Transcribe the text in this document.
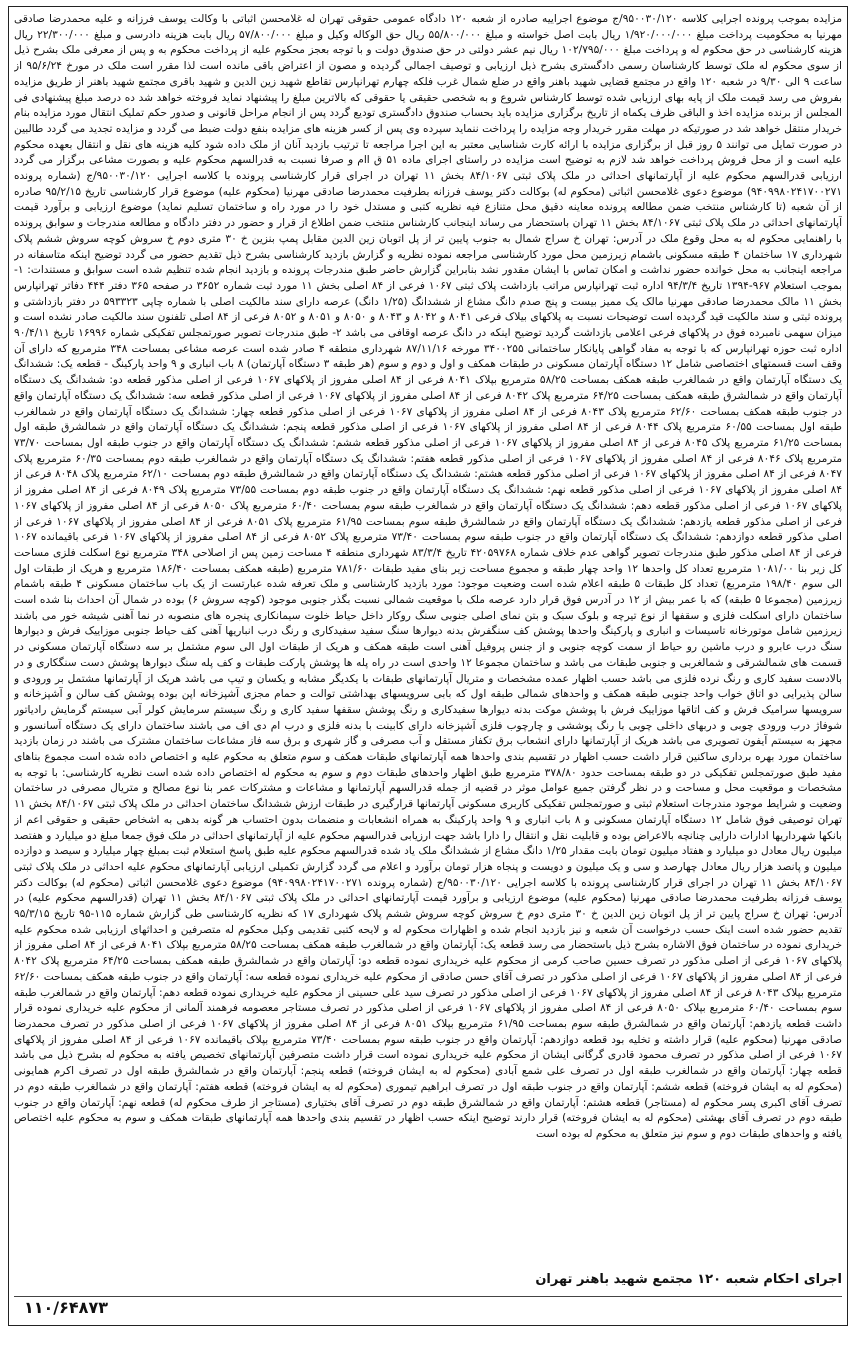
مزایده بموجب پرونده اجرایی کلاسه ۹۵۰۰۳۰/۱۲۰/ج موضوع اجراییه صادره از شعبه ۱۲۰ دادگاه عمومی حقوقی تهران له غلامحسن اثباتی با وکالت یوسف فرزانه و علیه محمدرضا صادقی مهرنیا به محکومیت پرداخت مبلغ ۱/۹۲۰/۰۰۰/۰۰۰ ریال بابت اصل خواسته و مبلغ ۵۵/۸۰۰/۰۰۰ ریال حق الوکاله وکیل و مبلغ ۵۷/۸۰۰/۰۰۰ ریال بابت هزینه دادرسی و مبلغ ۲۲/۳۰۰/۰۰۰ ریال هزینه کارشناسی در حق محکوم له و پرداخت مبلغ ۱۰۲/۷۹۵/۰۰۰ ریال نیم عشر دولتی در حق صندوق دولت و با توجه بعجز محکوم علیه از پرداخت محکوم به و پس از معرفی ملک بشرح ذیل از سوی محکوم له ملک توسط کارشناسان رسمی دادگستری بشرح ذیل ارزیابی و توصیف اجمالی گردیده و مصون از اعتراض باقی مانده است لذا مقرر است ملک در مورخ ۹۵/۶/۲۴ از ساعت ۹ الی ۹/۳۰ در شعبه ۱۲۰ واقع در مجتمع قضایی شهید باهنر واقع در ضلع شمال غرب فلکه چهارم تهرانپارس تقاطع شهید زین الدین و شهید باقری مجتمع شهید باهنر از طریق مزایده بفروش می رسد قیمت ملک از پایه بهای ارزیابی شده توسط کارشناس شروع و به شخصی حقیقی یا حقوقی که بالاترین مبلغ را پیشنهاد نماید فروخته خواهد شد ده درصد مبلغ پیشنهادی فی المجلس از برنده مزایده اخذ و الباقی ظرف یکماه از تاریخ برگزاری مزایده باید بحساب صندوق دادگستری تودیع گردد پس از انجام مراحل قانونی و صدور حکم تملیک انتقال مورد مزایده بنام خریدار منتقل خواهد شد در صورتیکه در مهلت مقرر خریدار وجه مزایده را پرداخت ننماید سپرده وی پس از کسر هزینه های مزایده بنفع دولت ضبط می گردد و مزایده تجدید می گردد طالبین در صورت تمایل می توانند ۵ روز قبل از برگزاری مزایده با ارائه کارت شناسایی معتبر به این اجرا مراجعه تا ترتیب بازدید آنان از ملک داده شود کلیه هزینه های نقل و انتقال بعهده محکوم علیه است و از محل فروش پرداخت خواهد شد لازم به توضیح است مزایده در راستای اجرای ماده ۵۱ ق اام و صرفا نسبت به قدرالسهم محکوم علیه و بصورت مشاعی برگزار می گردد ارزیابی قدرالسهم محکوم علیه از آپارتمانهای احداثی در ملک پلاک ثبتی ۸۴/۱۰۶۷ بخش ۱۱ تهران در اجرای قرار کارشناسی پرونده با کلاسه اجرایی ۹۵۰۰۳۰/۱۲۰/ج (شماره پرونده ۹۴۰۹۹۸۰۲۴۱۷۰۰۲۷۱) موضوع دعوی غلامحسن اثباتی (محکوم له) بوکالت دکتر یوسف فرزانه بطرفیت محمدرضا صادقی مهرنیا (محکوم علیه) موضوع قرار کارشناسی تاریخ ۹۵/۲/۱۵ صادره از آن شعبه (تا کارشناس منتخب ضمن مطالعه پرونده معاینه دقیق محل متنازع فیه نظریه کتبی و مستدل خود را در مورد راه و ساختمان تسلیم نماید) موضوع ارزیابی و برآورد قیمت آپارتمانهای احداثی در ملک پلاک ثبتی ۸۴/۱۰۶۷ بخش ۱۱ تهران باستحضار می رساند اینجانب کارشناس منتخب ضمن اطلاع از قرار و حضور در دفتر دادگاه و مطالعه مندرجات و سوابق پرونده با راهنمایی محکوم له به محل وقوع ملک در آدرس: تهران خ سراج شمال به جنوب پایین تر از پل اتوبان زین الدین مقابل پمپ بنزین خ ۳۰ متری دوم خ سروش کوچه سروش ششم پلاک شهرداری ۱۷ ساختمان ۴ طبقه مسکونی باشمام زیرزمین محل مورد کارشناسی مراجعه نموده نظریه و گزارش بازدید کارشناسی بشرح ذیل تقدیم حضور می گردد توضیح اینکه متاسفانه در مراجعه اینجانب به محل خوانده حضور نداشت و امکان تماس با ایشان مقدور نشد بنابراین گزارش حاضر طبق مندرجات پرونده و بازدید انجام شده تنظیم شده است سوابق و مستندات: ۱- بموجب استعلام ۹۶۷-۱۳۹۴ تاریخ ۹۴/۳/۴ اداره ثبت تهرانپارس مراتب بازداشت پلاک ثبتی ۱۰۶۷ فرعی از ۸۴ اصلی بخش ۱۱ مورد ثبت شماره ۳۶۵۲ در صفحه ۳۶۵ دفتر ۴۴۴ دفاتر تهرانپارس بخش ۱۱ مالک محمدرضا صادقی مهرنیا مالک یک ممیز بیست و پنج صدم دانگ مشاع از ششدانگ (۱/۲۵ دانگ) عرصه دارای سند مالکیت اصلی با شماره چاپی ۵۹۳۳۲۳ در دفتر بازداشتی و پرونده ثبتی و سند مالکیت قید گردیده است توضیحات نسبت به پلاکهای بیلاک فرعی ۸۰۴۱ و ۸۰۴۲ و ۸۰۴۳ و ۸۰۵۰ و ۸۰۵۱ و ۸۰۵۲ فرعی از ۸۴ اصلی تلفنون سند مالکیت صادر نشده است و میزان سهمی نامبرده فوق در پلاکهای فرعی اعلامی بازداشت گردید توضیح اینکه در دانگ عرصه اوقافی می باشد ۲- طبق مندرجات تصویر صورتمجلس تفکیکی شماره ۱۶۹۹۶ تاریخ ۹۰/۴/۱۱ اداره ثبت حوزه تهرانپارس که با توجه به مفاد گواهی پایانکار ساختمانی ۳۴۰۰۲۵۵ مورخه ۸۷/۱۱/۱۶ شهرداری منطقه ۴ صادر شده است عرصه مشاعی بمساحت ۳۴۸ مترمربع که دارای آن وقف است قسمتهای اختصاصی شامل ۱۲ دستگاه آپارتمان مسکونی در طبقات همکف و اول و دوم و سوم (هر طبقه ۳ دستگاه آپارتمان) ۸ باب انباری و ۹ واحد پارکینگ - قطعه یک: ششدانگ یک دستگاه آپارتمان واقع در شمالغرب طبقه همکف بمساحت ۵۸/۲۵ مترمربع بپلاک ۸۰۴۱ فرعی از ۸۴ اصلی مفروز از پلاکهای ۱۰۶۷ فرعی از اصلی مذکور قطعه دو: ششدانگ یک دستگاه آپارتمان واقع در شمالشرق طبقه همکف بمساحت ۶۴/۲۵ مترمربع پلاک ۸۰۴۲ فرعی از ۸۴ اصلی مفروز از پلاکهای ۱۰۶۷ فرعی از اصلی مذکور قطعه سه: ششدانگ یک دستگاه آپارتمان واقع در جنوب طبقه همکف بمساحت ۶۲/۶۰ مترمربع پلاک ۸۰۴۳ فرعی از ۸۴ اصلی مفروز از پلاکهای ۱۰۶۷ فرعی از اصلی مذکور قطعه چهار: ششدانگ یک دستگاه آپارتمان واقع در شمالغرب طبقه اول بمساحت ۶۰/۵۵ مترمربع پلاک ۸۰۴۴ فرعی از ۸۴ اصلی مفروز از پلاکهای ۱۰۶۷ فرعی از اصلی مذکور قطعه پنجم: ششدانگ یک دستگاه آپارتمان واقع در شمالشرق طبقه اول بمساحت ۶۱/۲۵ مترمربع پلاک ۸۰۴۵ فرعی از ۸۴ اصلی مفروز از پلاکهای ۱۰۶۷ فرعی از اصلی مذکور قطعه ششم: ششدانگ یک دستگاه آپارتمان واقع در جنوب طبقه اول بمساحت ۷۳/۷۰ مترمربع پلاک ۸۰۴۶ فرعی از ۸۴ اصلی مفروز از پلاکهای ۱۰۶۷ فرعی از اصلی مذکور قطعه هفتم: ششدانگ یک دستگاه آپارتمان واقع در شمالغرب طبقه دوم بمساحت ۶۰/۳۵ مترمربع پلاک ۸۰۴۷ فرعی از ۸۴ اصلی مفروز از پلاکهای ۱۰۶۷ فرعی از اصلی مذکور قطعه هشتم: ششدانگ یک دستگاه آپارتمان واقع در شمالشرق طبقه دوم بمساحت ۶۲/۱۰ مترمربع پلاک ۸۰۴۸ فرعی از ۸۴ اصلی مفروز از پلاکهای ۱۰۶۷ فرعی از اصلی مذکور قطعه نهم: ششدانگ یک دستگاه آپارتمان واقع در جنوب طبقه دوم بمساحت ۷۳/۵۵ مترمربع پلاک ۸۰۴۹ فرعی از ۸۴ اصلی مفروز از پلاکهای ۱۰۶۷ فرعی از اصلی مذکور قطعه دهم: ششدانگ یک دستگاه آپارتمان واقع در شمالغرب طبقه سوم بمساحت ۶۰/۴۰ مترمربع پلاک ۸۰۵۰ فرعی از ۸۴ اصلی مفروز از پلاکهای ۱۰۶۷ فرعی از اصلی مذکور قطعه یازدهم: ششدانگ یک دستگاه آپارتمان واقع در شمالشرق طبقه سوم بمساحت ۶۱/۹۵ مترمربع پلاک ۸۰۵۱ فرعی از ۸۴ اصلی مفروز از پلاکهای ۱۰۶۷ فرعی از اصلی مذکور قطعه دوازدهم: ششدانگ یک دستگاه آپارتمان واقع در جنوب طبقه سوم بمساحت ۷۳/۴۰ مترمربع پلاک ۸۰۵۲ فرعی از ۸۴ اصلی مفروز از پلاکهای ۱۰۶۷ فرعی باقیمانده ۱۰۶۷ فرعی از ۸۴ اصلی مذکور طبق مندرجات تصویر گواهی عدم خلاف شماره ۴۲۰۵۹۷۶۸ تاریخ ۸۳/۳/۴ شهرداری منطقه ۴ مساحت زمین پس از اصلاحی ۳۴۸ مترمربع نوع اسکلت فلزی مساحت کل زیر بنا ۱۰۸۱/۰۰ مترمربع تعداد کل واحدها ۱۲ واحد چهار طبقه و مجموع مساحت زیر بنای مفید طبقات ۷۸۱/۶۰ مترمربع (طبقه همکف بمساحت ۱۸۶/۴۰ مترمربع و هریک از طبقات اول الی سوم ۱۹۸/۴۰ مترمربع) تعداد کل طبقات ۵ طبقه اعلام شده است وضعیت موجود: مورد بازدید کارشناسی و ملک تعرفه شده عبارتست از یک باب ساختمان مسکونی ۴ طبقه باشمام زیرزمین (مجموعا ۵ طبقه) که با عمر بیش از ۱۲ در آدرس فوق قرار دارد عرصه ملک با موقعیت شمالی نسبت بگذر جنوبی موجود (کوچه سروش ۶) بوده در شمال آن احداث بنا شده است ساختمان دارای اسکلت فلزی و سقفها از نوع تیرچه و بلوک سبک و بتن نمای اصلی جنوبی سنگ روکار داخل حیاط خلوت سیمانکاری پنجره های منصوبه در نما آهنی شیشه خور می باشند زیرزمین شامل موتورخانه تاسیسات و انباری و پارکینگ واحدها پوشش کف سنگفرش بدنه دیوارها سنگ سفید سفیدکاری و رنگ درب انباریها آهنی کف حیاط جنوبی موزاییک فرش و دیوارها سنگ درب عابرو و درب ماشین رو حیاط از سمت کوچه جنوبی و از جنس پروفیل آهنی است طبقه همکف و هریک از طبقات اول الی سوم مشتمل بر سه دستگاه آپارتمان مسکونی در قسمت های شمالشرقی و شمالغربی و جنوبی طبقات می باشد و ساختمان مجموعا ۱۲ واحدی است در راه پله ها پوشش پارکت طبقات و کف پله سنگ دیوارها پوشش دست سنگکاری و در بالادست سفید کاری و رنگ نرده فلزی می باشد حسب اظهار عمده مشخصات و متریال آپارتمانهای طبقات با یکدیگر مشابه و یکسان و تیپ می باشد هریک از آپارتمانها مشتمل بر ورودی و سالن پذیرایی دو اتاق خواب واحد جنوبی طبقه همکف و واحدهای شمالی طبقه اول که بابی سرویسهای بهداشتی توالت و حمام مجزی آشپزخانه اپن بوده پوشش کف سالن و آشپزخانه و سرویسها سرامیک فرش و کف اتاقها موزاییک فرش با پوشش موکت بدنه دیوارها سفیدکاری و رنگ پوشش سقفها سفید کاری و رنگ سیستم سرمایش کولر آبی سیستم گرمایش رادیاتور شوفاژ درب ورودی چوبی و دربهای داخلی چوبی با رنگ پوششی و چارچوب فلزی آشپزخانه دارای کابینت با بدنه فلزی و درب ام دی اف می باشند ساختمان دارای یک دستگاه آسانسور و مجهز به سیستم آیفون تصویری می باشد هریک از آپارتمانها دارای انشعاب برق تکفاز مستقل و آب مصرفی و گاز شهری و برق سه فاز مشاعات ساختمان مشترک می باشند در زمان بازدید ساختمان مورد بهره برداری ساکنین قرار داشت حسب اظهار در تقسیم بندی واحدها همه آپارتمانهای طبقات همکف و سوم متعلق به محکوم علیه و اختصاص داده شده است مجموع بناهای مفید طبق صورتمجلس تفکیکی در دو طبقه بمساحت حدود ۳۷۸/۸۰ مترمربع طبق اظهار واحدهای طبقات دوم و سوم به محکوم له اختصاص داده شده است نظریه کارشناسی: با توجه به مشخصات و موقعیت محل و مساحت و در نظر گرفتن جمیع عوامل موثر در قضیه از جمله قدرالسهم آپارتمانها و مشاعات و مشترکات عمر بنا نوع مصالح و متریال مصرفی در ساختمان وضعیت و شرایط موجود مندرجات استعلام ثبتی و صورتمجلس تفکیکی کاربری مسکونی آپارتمانها قرارگیری در طبقات ارزش ششدانگ ساختمان احداثی در ملک پلاک ثبتی ۸۴/۱۰۶۷ بخش ۱۱ تهران توصیفی فوق شامل ۱۲ دستگاه آپارتمان مسکونی و ۸ باب انباری و ۹ واحد پارکینگ به همراه انشعابات و منضمات بدون احتساب هر گونه بدهی به اشخاص حقیقی و حقوقی اعم از بانکها شهرداریها ادارات دارایی چنانچه بالاعراض بوده و قابلیت نقل و انتقال را دارا باشد جهت ارزیابی قدرالسهم محکوم علیه از آپارتمانهای احداثی در ملک فوق جمعا مبلغ دو میلیارد و هفتصد میلیون ریال معادل دو میلیارد و هفتاد میلیون تومان بابت مقدار ۱/۲۵ دانگ مشاع از ششدانگ ملک یاد شده قدرالسهم محکوم علیه طبق پاسخ استعلام ثبت بمبلغ چهار میلیارد و سیصد و دوازده میلیون و پانصد هزار ریال معادل چهارصد و سی و یک میلیون و دویست و پنجاه هزار تومان برآورد و اعلام می گردد گزارش تکمیلی ارزیابی آپارتمانهای محکوم علیه احداثی در ملک پلاک ثبتی ۸۴/۱۰۶۷ بخش ۱۱ تهران در اجرای قرار کارشناسی پرونده با کلاسه اجرایی ۹۵۰۰۳۰/۱۲۰/ج (شماره پرونده ۹۴۰۹۹۸۰۲۴۱۷۰۰۲۷۱) موضوع دعوی غلامحسن اثباتی (محکوم له) بوکالت دکتر یوسف فرزانه بطرفیت محمدرضا صادقی مهرنیا (محکوم علیه) موضوع ارزیابی و برآورد قیمت آپارتمانهای احداثی در ملک پلاک ثبتی ۸۴/۱۰۶۷ بخش ۱۱ تهران (قدرالسهم محکوم علیه) در آدرس: تهران خ سراج پایین تر از پل اتوبان زین الدین خ ۳۰ متری دوم خ سروش کوچه سروش ششم پلاک شهرداری ۱۷ که نظریه کارشناسی طی گزارش شماره ۱۱۵-۹۵ تاریخ ۹۵/۳/۱۵ تقدیم حضور شده است اینک حسب درخواست آن شعبه و نیز بازدید انجام شده و اظهارات محکوم له و لایحه کتبی تقدیمی وکیل محکوم له متصرفین و احداثهای ارزیابی شده محکوم علیه خریداری نموده در ساختمان فوق الاشاره بشرح ذیل باستحضار می رسد قطعه یک: آپارتمان واقع در شمالغرب طبقه همکف بمساحت ۵۸/۲۵ مترمربع بپلاک ۸۰۴۱ فرعی از ۸۴ اصلی مفروز از پلاکهای ۱۰۶۷ فرعی از اصلی مذکور در تصرف حسین صاحب کرمی از محکوم علیه خریداری نموده قطعه دو: آپارتمان واقع در شمالشرق طبقه همکف بمساحت ۶۴/۲۵ مترمربع پلاک ۸۰۴۲ فرعی از ۸۴ اصلی مفروز از پلاکهای ۱۰۶۷ فرعی از اصلی مذکور در تصرف آقای حسن صادقی از محکوم علیه خریداری نموده قطعه سه: آپارتمان واقع در جنوب طبقه همکف بمساحت ۶۲/۶۰ مترمربع بپلاک ۸۰۴۳ فرعی از ۸۴ اصلی مفروز از پلاکهای ۱۰۶۷ فرعی از اصلی مذکور در تصرف سید علی حسینی از محکوم علیه خریداری نموده قطعه دهم: آپارتمان واقع در شمالغرب طبقه سوم بمساحت ۶۰/۴۰ مترمربع بپلاک ۸۰۵۰ فرعی از ۸۴ اصلی مفروز از پلاکهای ۱۰۶۷ فرعی از اصلی مذکور در تصرف مستاجر معصومه فرهمند آلمانی از محکوم علیه خریداری نموده قرار داشت قطعه یازدهم: آپارتمان واقع در شمالشرق طبقه سوم بمساحت ۶۱/۹۵ مترمربع بپلاک ۸۰۵۱ فرعی از ۸۴ اصلی مفروز از پلاکهای ۱۰۶۷ فرعی از اصلی مذکور در تصرف محمدرضا صادقی مهرنیا (محکوم علیه) قرار داشته و تخلیه بود قطعه دوازدهم: آپارتمان واقع در جنوب طبقه سوم بمساحت ۷۳/۴۰ مترمربع بپلاک باقیمانده ۱۰۶۷ فرعی از ۸۴ اصلی مفروز از پلاکهای ۱۰۶۷ فرعی از اصلی مذکور در تصرف محمود قادری گرگانی ایشان از محکوم علیه خریداری نموده است قرار داشت متصرفین آپارتمانهای تخصیص یافته به محکوم له بشرح ذیل می باشد قطعه چهار: آپارتمان واقع در شمالغرب طبقه اول در تصرف علی شمع آبادی (محکوم له به ایشان فروخته) قطعه پنجم: آپارتمان واقع در شمالشرق طبقه اول در تصرف اکرم همایونی (محکوم له به ایشان فروخته) قطعه ششم: آپارتمان واقع در جنوب طبقه اول در تصرف ابراهیم تیموری (محکوم له به ایشان فروخته) قطعه هفتم: آپارتمان واقع در شمالغرب طبقه دوم در تصرف آقای اکبری پسر محکوم له (مستاجر) قطعه هشتم: آپارتمان واقع در شمالشرق طبقه دوم در تصرف آقای بختیاری (مستاجر از طرف محکوم له) قطعه نهم: آپارتمان واقع در جنوب طبقه دوم در تصرف آقای بهشتی (محکوم له به ایشان فروخته) قرار دارند توضیح اینکه حسب اظهار در تقسیم بندی واحدها همه آپارتمانهای طبقات همکف و سوم به محکوم علیه اختصاص یافته و واحدهای طبقات دوم و سوم نیز متعلق به محکوم له بوده است

اجرای احکام شعبه ۱۲۰ مجتمع شهید باهنر تهران

۱۱۰/۶۴۸۷۳
